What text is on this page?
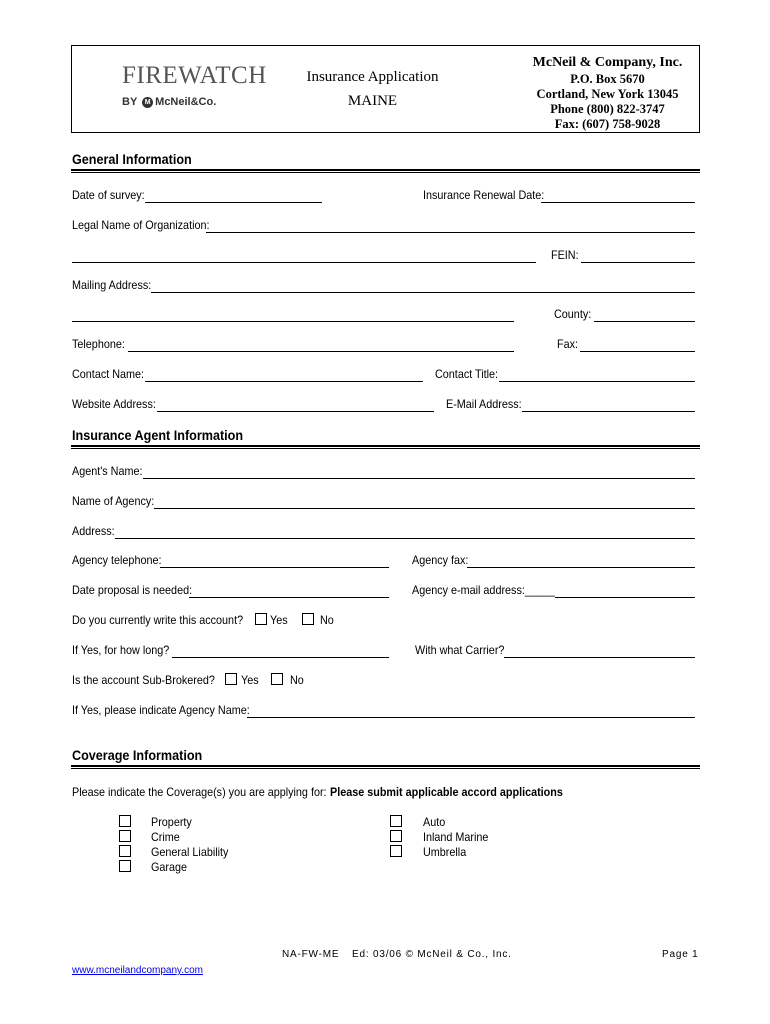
FIREWATCH
BY M McNeil&Co.
Insurance Application
MAINE
McNeil & Company, Inc.
P.O. Box 5670
Cortland, New York 13045
Phone (800) 822-3747
Fax: (607) 758-9028
General Information
Date of survey:	Insurance Renewal Date:
Legal Name of Organization:
FEIN:
Mailing Address:
County:
Telephone:	Fax:
Contact Name:	Contact Title:
Website Address:	E-Mail Address:
Insurance Agent Information
Agent's Name:
Name of Agency:
Address:
Agency telephone:	Agency fax:
Date proposal is needed:	Agency e-mail address:_____
Do you currently write this account? Yes	No
If Yes, for how long?	With what Carrier?
Is the account Sub-Brokered? Yes	No
If Yes, please indicate Agency Name:
Coverage Information
Please indicate the Coverage(s) you are applying for: Please submit applicable accord applications
Property
Crime
General Liability
Garage
Auto
Inland Marine
Umbrella
NA-FW-ME Ed: 03/06 © McNeil & Co., Inc.	Page 1
www.mcneilandcompany.com
